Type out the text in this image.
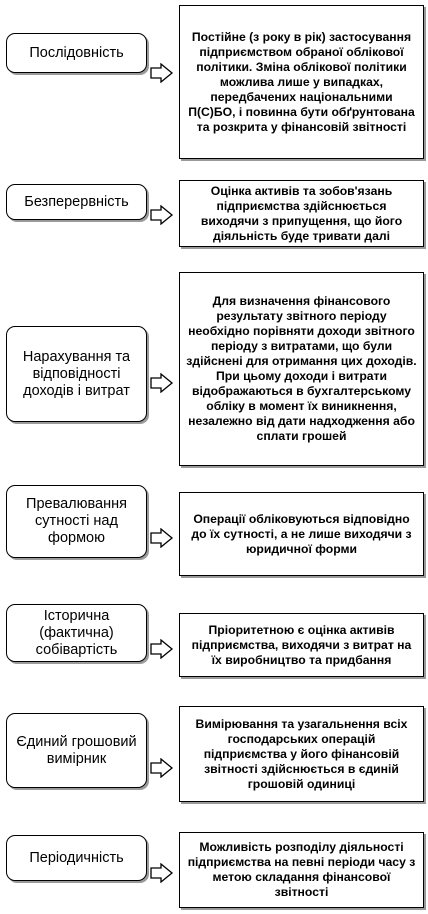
Послідовність
Постійне (з року в рік) застосування підприємством обраної облікової політики. Зміна облікової політики можлива лише у випадках, передбачених національними П(С)БО, і повинна бути обґрунтована та розкрита у фінансовій звітності
Безперервність
Оцінка активів та зобов'язань підприємства здійснюється виходячи з припущення, що його діяльність буде тривати далі
Нарахування та відповідності доходів і витрат
Для визначення фінансового результату звітного періоду необхідно порівняти доходи звітного періоду з витратами, що були здійснені для отримання цих доходів. При цьому доходи і витрати відображаються в бухгалтерському обліку в момент їх виникнення, незалежно від дати надходження або сплати грошей
Превалювання сутності над формою
Операції обліковуються відповідно до їх сутності, а не лише виходячи з юридичної форми
Історична (фактична) собівартість
Пріоритетною є оцінка активів підприємства, виходячи з витрат на їх виробництво та придбання
Єдиний грошовий вимірник
Вимірювання та узагальнення всіх господарських операцій підприємства у його фінансовій звітності здійснюється в єдиній грошовій одиниці
Періодичність
Можливість розподілу діяльності підприємства на певні періоди часу з метою складання фінансової звітності
